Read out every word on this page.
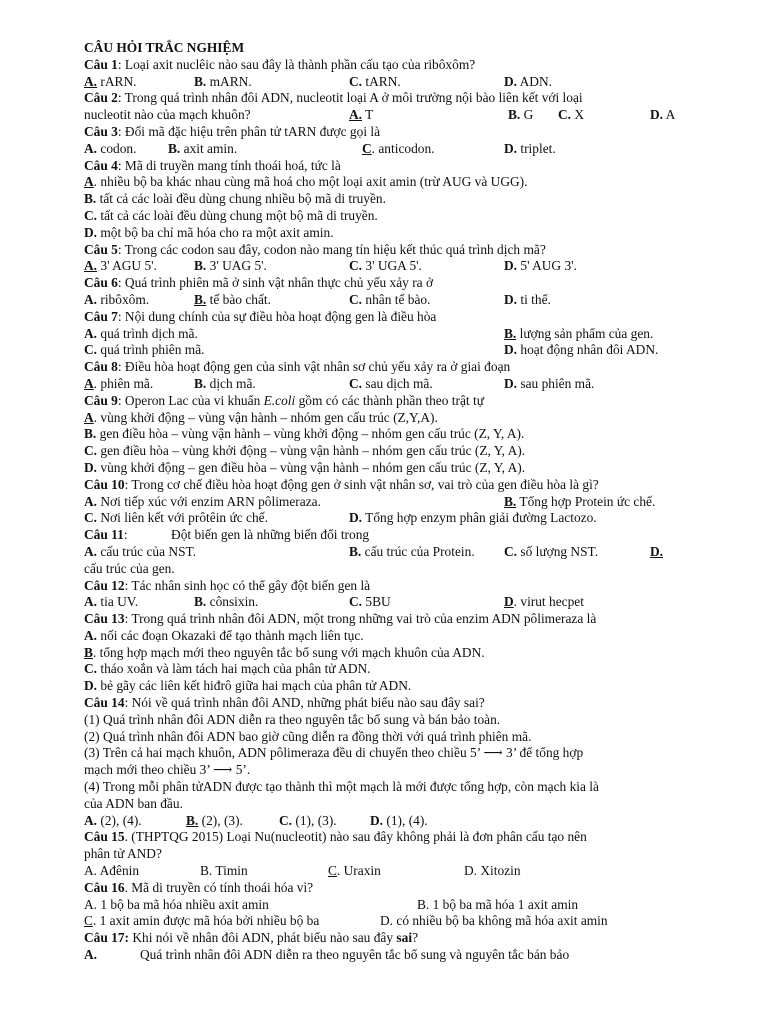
CÂU HỎI TRẮC NGHIỆM
Câu 1: Loại axit nuclêic nào sau đây là thành phần cấu tạo của ribôxôm?
A. rARN.	B. mARN.	C. tARN.	D. ADN.
Câu 2: Trong quá trình nhân đôi ADN, nucleotit loại A ở môi trường nội bào liên kết với loại
nucleotit nào của mạch khuôn?	A. T	B. G C. X	D. A
Câu 3: Đối mã đặc hiệu trên phân tử tARN được gọi là
A. codon. B. axit amin.	C. anticodon.	D. triplet.
Câu 4: Mã di truyền mang tính thoái hoá, tức là
A. nhiều bộ ba khác nhau cùng mã hoá cho một loại axit amin (trừ AUG và UGG).
B. tất cả các loài đều dùng chung nhiều bộ mã di truyền.
C. tất cả các loài đều dùng chung một bộ mã di truyền.
D. một bộ ba chỉ mã hóa cho ra một axit amin.
Câu 5: Trong các codon sau đây, codon nào mang tín hiệu kết thúc quá trình dịch mã?
A. 3' AGU 5'.	B. 3' UAG 5'.	C. 3' UGA 5'.	D. 5' AUG 3'.
Câu 6: Quá trình phiên mã ở sinh vật nhân thực chủ yếu xảy ra ở
A. ribôxôm.	B. tế bào chất.	C. nhân tế bào.	D. ti thể.
Câu 7: Nội dung chính của sự điều hòa hoạt động gen là điều hòa
A. quá trình dịch mã.	B. lượng sản phẩm của gen.
C. quá trình phiên mã.	D. hoạt động nhân đôi ADN.
Câu 8: Điều hòa hoạt động gen của sinh vật nhân sơ chủ yếu xảy ra ở giai đoạn
A. phiên mã.	B. dịch mã.	C. sau dịch mã.	D. sau phiên mã.
Câu 9: Operon Lac của vi khuẩn E.coli gồm có các thành phần theo trật tự
A. vùng khởi động – vùng vận hành – nhóm gen cấu trúc (Z,Y,A).
B. gen điều hòa – vùng vận hành – vùng khởi động – nhóm gen cấu trúc (Z, Y, A).
C. gen điều hòa – vùng khởi động – vùng vận hành – nhóm gen cấu trúc (Z, Y, A).
D. vùng khởi động – gen điều hòa – vùng vận hành – nhóm gen cấu trúc (Z, Y, A).
Câu 10: Trong cơ chế điều hòa hoạt động gen ở sinh vật nhân sơ, vai trò của gen điều hòa là gì?
A. Nơi tiếp xúc với enzim ARN pôlimeraza.	B. Tổng hợp Protein ức chế.
C. Nơi liên kết với prôtêin ức chế.	D. Tổng hợp enzym phân giải đường Lactozo.
Câu 11:             Đột biến gen là những biến đổi trong
A. cấu trúc của NST.	B. cấu trúc của Protein. C. số lượng NST.	D.
cấu trúc của gen.
Câu 12: Tác nhân sinh học có thể gây đột biến gen là
A. tia UV.	B. cônsixin.	C. 5BU	D. virut hecpet
Câu 13: Trong quá trình nhân đôi ADN, một trong những vai trò của enzim ADN pôlimeraza là
A. nối các đoạn Okazaki để tạo thành mạch liên tục.
B. tổng hợp mạch mới theo nguyên tắc bổ sung với mạch khuôn của ADN.
C. tháo xoắn và làm tách hai mạch của phân tử ADN.
D. bẻ gãy các liên kết hiđrô giữa hai mạch của phân tử ADN.
Câu 14: Nói về quá trình nhân đôi AND, những phát biểu nào sau đây sai?
(1) Quá trình nhân đôi ADN diễn ra theo nguyên tắc bổ sung và bán bảo toàn.
(2) Quá trình nhân đôi ADN bao giờ cũng diễn ra đồng thời với quá trình phiên mã.
(3) Trên cả hai mạch khuôn, ADN pôlimeraza đều di chuyển theo chiều 5’ ⟶ 3’ để tổng hợp
mạch mới theo chiều 3’ ⟶ 5’.
(4) Trong mỗi phân tửADN được tạo thành thì một mạch là mới được tổng hợp, còn mạch kia là
của ADN ban đầu.
A. (2), (4).	B. (2), (3).	C. (1), (3). D. (1), (4).
Câu 15. (THPTQG 2015) Loại Nu(nucleotit) nào sau đây không phải là đơn phân cấu tạo nên
phân tử AND?
A. Ađênin	B. Timin	C. Uraxin	D. Xitozin
Câu 16. Mã di truyền có tính thoái hóa vì?
A. 1 bộ ba mã hóa nhiều axit amin	B. 1 bộ ba mã hóa 1 axit amin
C. 1 axit amin được mã hóa bởi nhiều bộ ba	D. có nhiều bộ ba không mã hóa axit amin
Câu 17: Khi nói về nhân đôi ADN, phát biểu nào sau đây sai?
A.	Quá trình nhân đôi ADN diễn ra theo nguyên tắc bổ sung và nguyên tắc bán bảo
